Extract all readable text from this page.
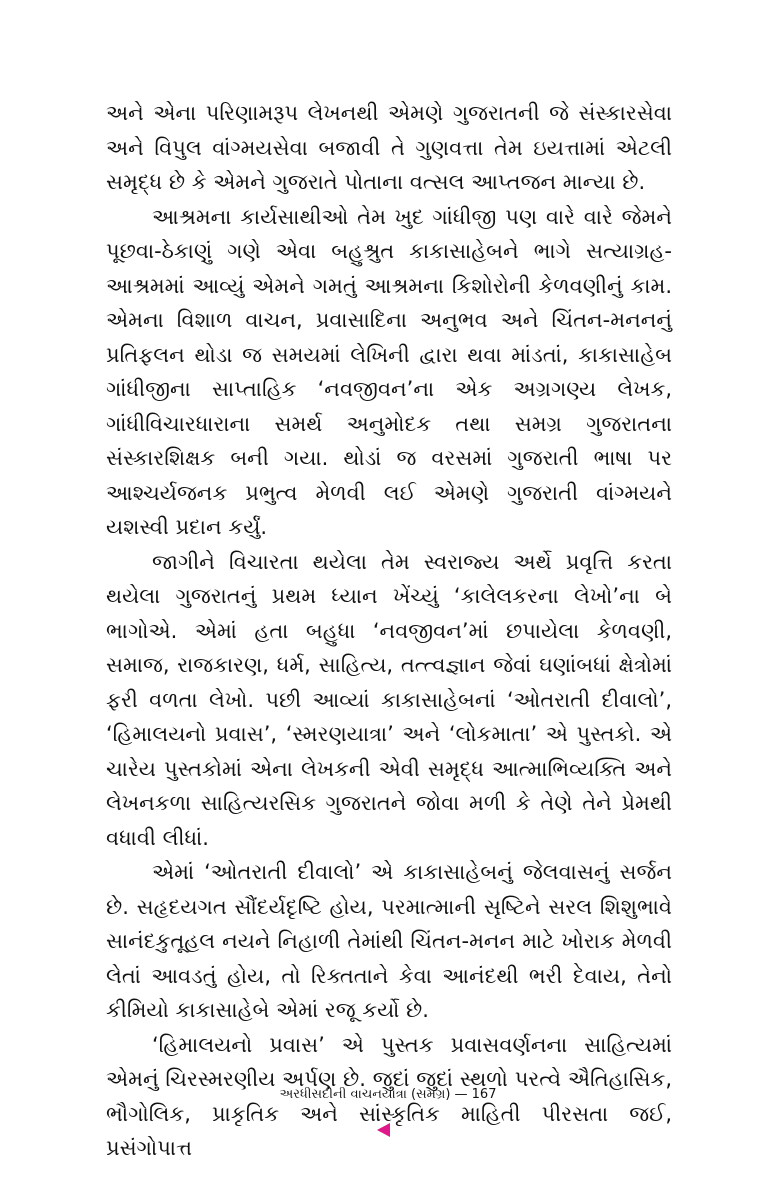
અને એના પરિણામરૂપ લેખનથી એમણે ગુજરાતની જે સંસ્કારસેવા અને વિપુલ વાંગ્મયસેવા બજાવી તે ગુણવત્તા તેમ ઇયત્તામાં એટલી સમૃદ્ધ છે કે એમને ગુજરાતે પોતાના વત્સલ આપ્તજન માન્યા છે.

આશ્રમના કાર્યસાથીઓ તેમ ખુદ ગાંધીજી પણ વારે વારે જેમને પૂછવા-ઠેકાણું ગણે એવા બહુશ્રુત કાકાસાહેબને ભાગે સત્યાગ્રહ-આશ્રમમાં આવ્યું એમને ગમતું આશ્રમના કિશોરોની કેળવણીનું કામ. એમના વિશાળ વાચન, પ્રવાસાદિના અનુભવ અને ચિંતન-મનનનું પ્રતિફલન થોડા જ સમયમાં લેખિની દ્વારા થવા માંડતાં, કાકાસાહેબ ગાંધીજીના સાપ્તાહિક ‘નવજીવન’ના એક અગ્રગણ્ય લેખક, ગાંધીવિચારધારાના સમર્થ અનુમોદક તથા સમગ્ર ગુજરાતના સંસ્કારશિક્ષક બની ગયા. થોડાં જ વરસમાં ગુજરાતી ભાષા પર આશ્ચર્યજનક પ્રભુત્વ મેળવી લઈ એમણે ગુજરાતી વાંગ્મયને યશસ્વી પ્રદાન કર્યું.

જાગીને વિચારતા થયેલા તેમ સ્વરાજ્ય અર્થે પ્રવૃત્તિ કરતા થયેલા ગુજરાતનું પ્રથમ ધ્યાન ખેંચ્યું ‘કાલેલકરના લેખો’ના બે ભાગોએ. એમાં હતા બહુધા ‘નવજીવન’માં છપાયેલા કેળવણી, સમાજ, રાજકારણ, ધર્મ, સાહિત્ય, તત્ત્વજ્ઞાન જેવાં ઘણાંબધાં ક્ષેત્રોમાં ફરી વળતા લેખો. પછી આવ્યાં કાકાસાહેબનાં ‘ઓતરાતી દીવાલો’, ‘હિમાલયનો પ્રવાસ’, ‘સ્મરણયાત્રા’ અને ‘લોકમાતા’ એ પુસ્તકો. એ ચારેય પુસ્તકોમાં એના લેખકની એવી સમૃદ્ધ આત્માભિવ્યક્તિ અને લેખનકળા સાહિત્યરસિક ગુજરાતને જોવા મળી કે તેણે તેને પ્રેમથી વધાવી લીધાં.

એમાં ‘ઓતરાતી દીવાલો’ એ કાકાસાહેબનું જેલવાસનું સર્જન છે. સહૃદયગત સૌંદર્યદૃષ્ટિ હોય, પરમાત્માની સૃષ્ટિને સરલ શિશુભાવે સાનંદકુતૂહલ નયને નિહાળી તેમાંથી ચિંતન-મનન માટે ખોરાક મેળવી લેતાં આવડતું હોય, તો રિક્તતાને કેવા આનંદથી ભરી દેવાય, તેનો કીમિયો કાકાસાહેબે એમાં રજૂ કર્યો છે.

‘હિમાલયનો પ્રવાસ’ એ પુસ્તક પ્રવાસવર્ણનના સાહિત્યમાં એમનું ચિરસ્મરણીય અર્પણ છે. જુદાં જુદાં સ્થળો પરત્વે ઐતિહાસિક, ભૌગોલિક, પ્રાકૃતિક અને સાંસ્કૃતિક માહિતી પીરસતા જઈ, પ્રસંગોપાત્ત

અરધીસદીની વાચનયાત્રા (સમગ્ર) — 167
